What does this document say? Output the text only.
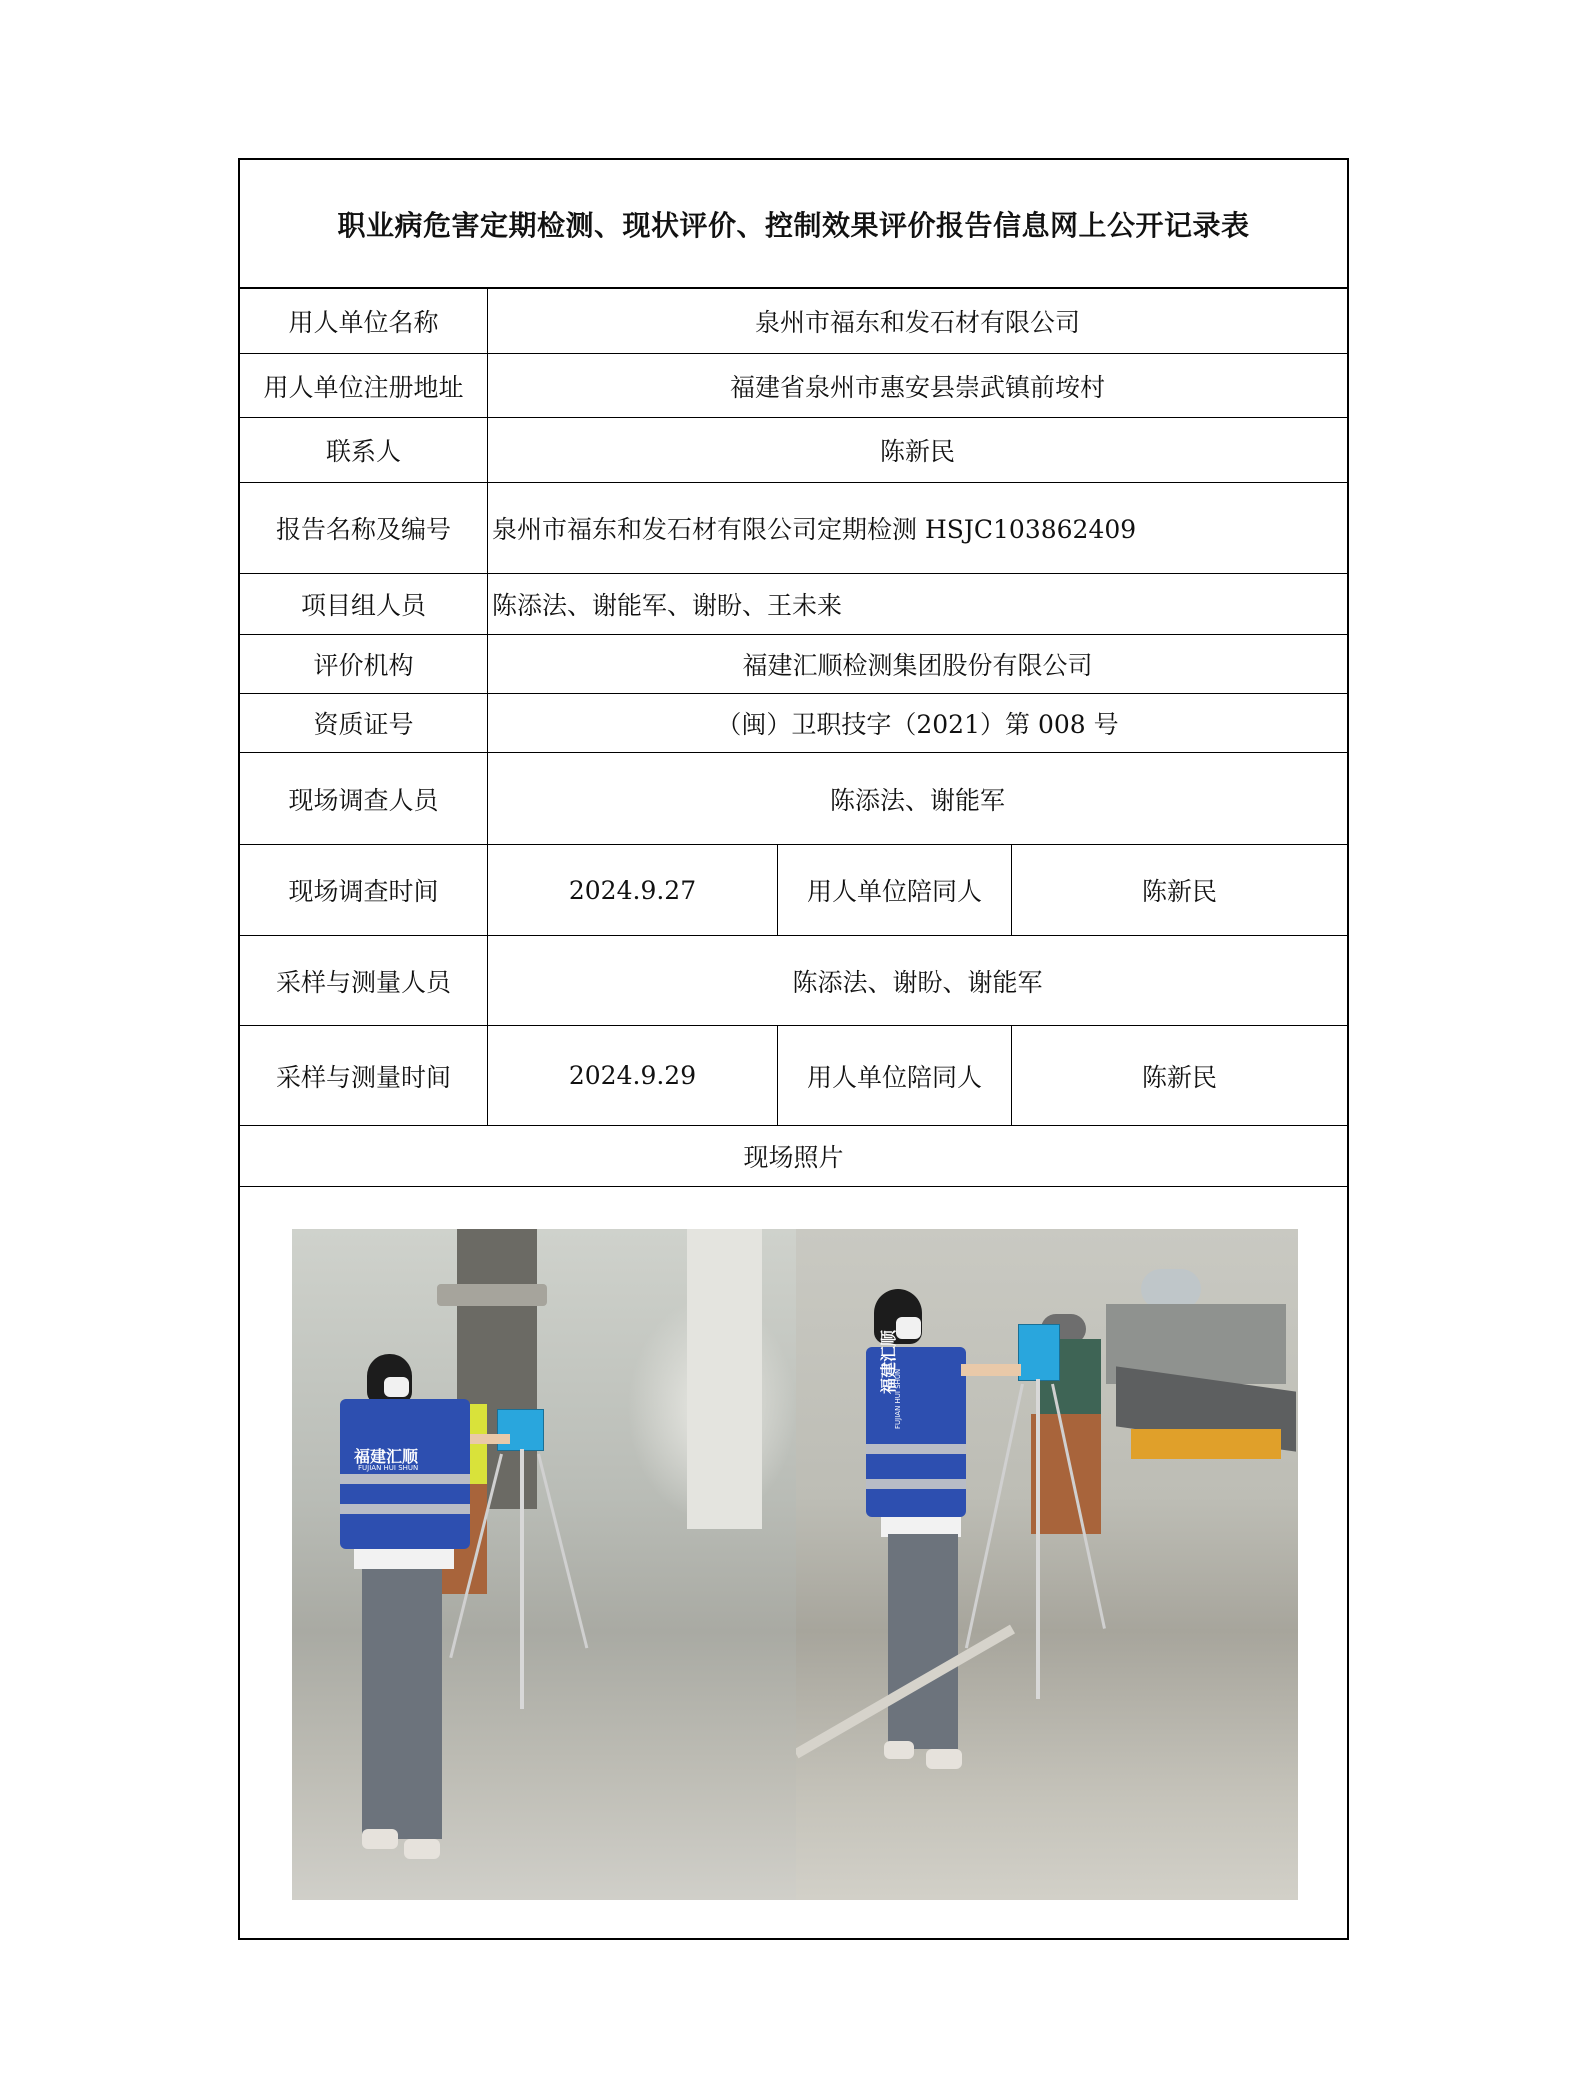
职业病危害定期检测、现状评价、控制效果评价报告信息网上公开记录表
用人单位名称	泉州市福东和发石材有限公司
用人单位注册地址	福建省泉州市惠安县崇武镇前垵村
联系人	陈新民
报告名称及编号	泉州市福东和发石材有限公司定期检测 HSJC103862409
项目组人员	陈添法、谢能军、谢盼、王未来
评价机构	福建汇顺检测集团股份有限公司
资质证号	（闽）卫职技字（2021）第 008 号
现场调查人员	陈添法、谢能军
现场调查时间	2024.9.27	用人单位陪同人	陈新民
采样与测量人员	陈添法、谢盼、谢能军
采样与测量时间	2024.9.29	用人单位陪同人	陈新民
现场照片
福建汇顺
FUJIAN HUI SHUN
福建汇顺
FUJIAN HUI SHUN
